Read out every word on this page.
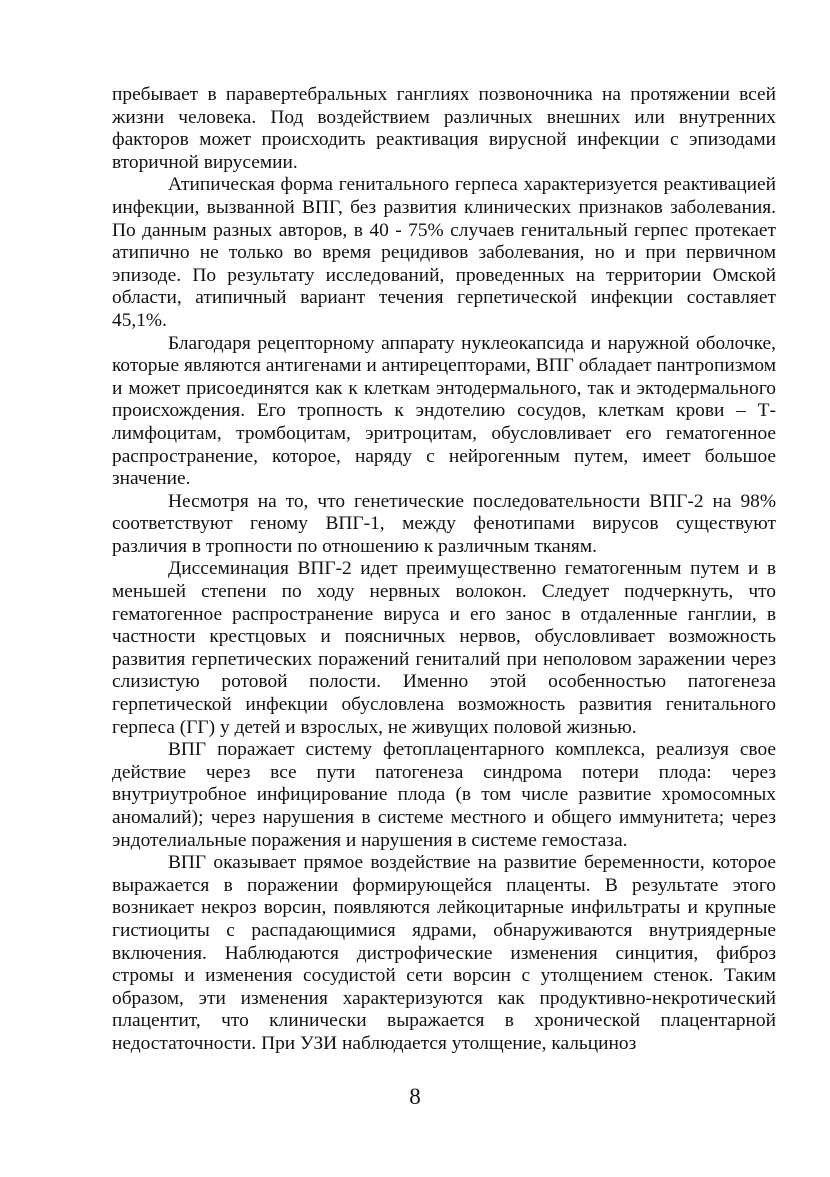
пребывает в паравертебральных ганглиях позвоночника на протяжении всей жизни человека. Под воздействием различных внешних или внутренних факторов может происходить реактивация вирусной инфекции с эпизодами вторичной вирусемии.

Атипическая форма генитального герпеса характеризуется реактивацией инфекции, вызванной ВПГ, без развития клинических признаков заболевания. По данным разных авторов, в 40 - 75% случаев генитальный герпес протекает атипично не только во время рецидивов заболевания, но и при первичном эпизоде. По результату исследований, проведенных на территории Омской области, атипичный вариант течения герпетической инфекции составляет 45,1%.

Благодаря рецепторному аппарату нуклеокапсида и наружной оболочке, которые являются антигенами и антирецепторами, ВПГ обладает пантропизмом и может присоединятся как к клеткам энтодермального, так и эктодермального происхождения. Его тропность к эндотелию сосудов, клеткам крови – Т-лимфоцитам, тромбоцитам, эритроцитам, обусловливает его гематогенное распространение, которое, наряду с нейрогенным путем, имеет большое значение.

Несмотря на то, что генетические последовательности ВПГ-2 на 98% соответствуют геному ВПГ-1, между фенотипами вирусов существуют различия в тропности по отношению к различным тканям.

Диссеминация ВПГ-2 идет преимущественно гематогенным путем и в меньшей степени по ходу нервных волокон. Следует подчеркнуть, что гематогенное распространение вируса и его занос в отдаленные ганглии, в частности крестцовых и поясничных нервов, обусловливает возможность развития герпетических поражений гениталий при неполовом заражении через слизистую ротовой полости. Именно этой особенностью патогенеза герпетической инфекции обусловлена возможность развития генитального герпеса (ГГ) у детей и взрослых, не живущих половой жизнью.

ВПГ поражает систему фетоплацентарного комплекса, реализуя свое действие через все пути патогенеза синдрома потери плода: через внутриутробное инфицирование плода (в том числе развитие хромосомных аномалий); через нарушения в системе местного и общего иммунитета; через эндотелиальные поражения и нарушения в системе гемостаза.

ВПГ оказывает прямое воздействие на развитие беременности, которое выражается в поражении формирующейся плаценты. В результате этого возникает некроз ворсин, появляются лейкоцитарные инфильтраты и крупные гистиоциты с распадающимися ядрами, обнаруживаются внутриядерные включения. Наблюдаются дистрофические изменения синцития, фиброз стромы и изменения сосудистой сети ворсин с утолщением стенок. Таким образом, эти изменения характеризуются как продуктивно-некротический плацентит, что клинически выражается в хронической плацентарной недостаточности. При УЗИ наблюдается утолщение, кальциноз

8
